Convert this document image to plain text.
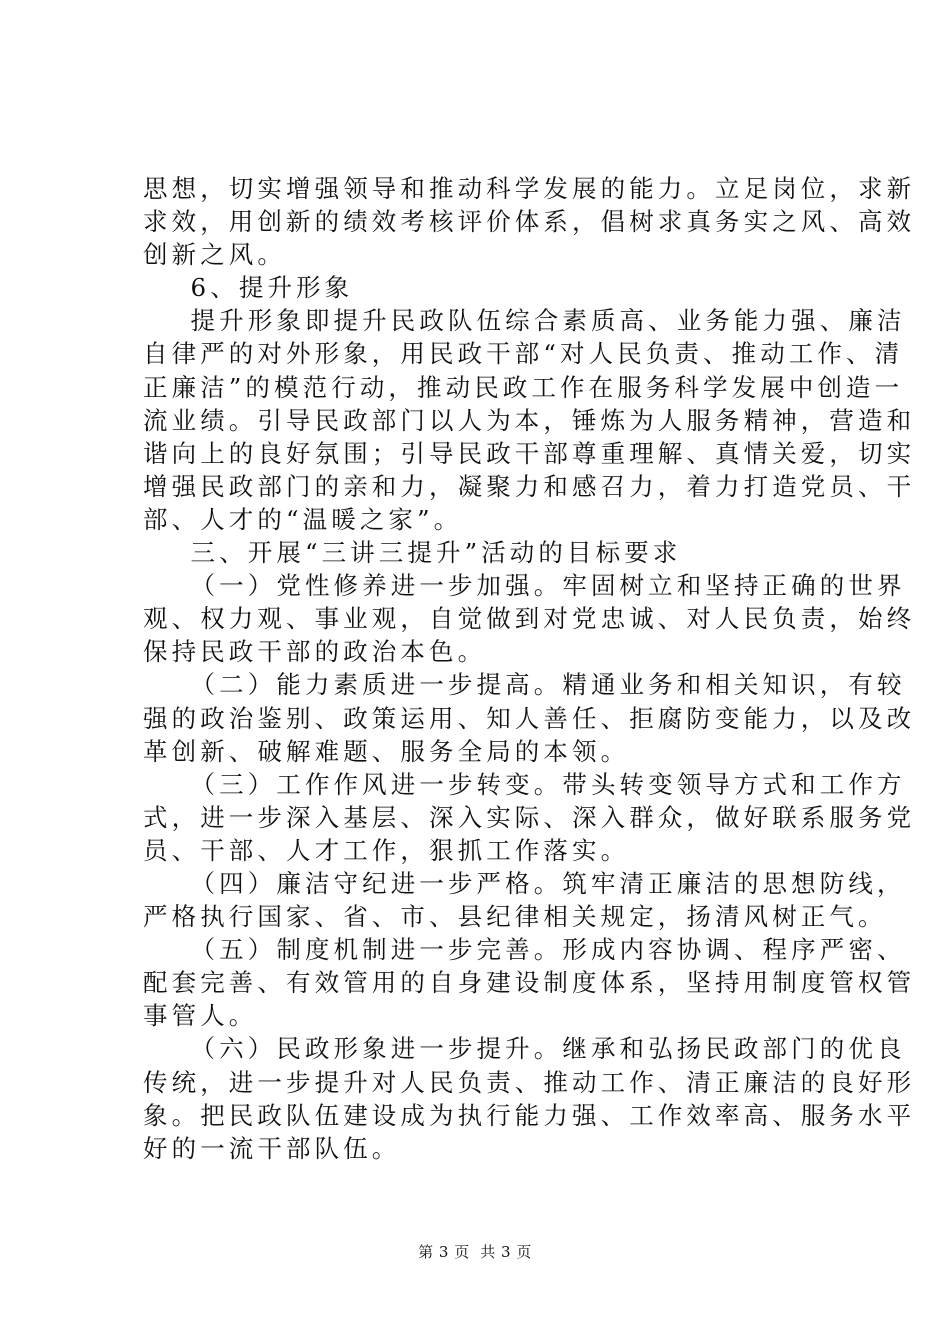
思想，切实增强领导和推动科学发展的能力。立足岗位，求新
求效，用创新的绩效考核评价体系，倡树求真务实之风、高效
创新之风。
6、提升形象
提升形象即提升民政队伍综合素质高、业务能力强、廉洁
自律严的对外形象，用民政干部“对人民负责、推动工作、清
正廉洁”的模范行动，推动民政工作在服务科学发展中创造一
流业绩。引导民政部门以人为本，锤炼为人服务精神，营造和
谐向上的良好氛围；引导民政干部尊重理解、真情关爱，切实
增强民政部门的亲和力，凝聚力和感召力，着力打造党员、干
部、人才的“温暖之家”。
三、开展“三讲三提升”活动的目标要求
（一）党性修养进一步加强。牢固树立和坚持正确的世界
观、权力观、事业观，自觉做到对党忠诚、对人民负责，始终
保持民政干部的政治本色。
（二）能力素质进一步提高。精通业务和相关知识，有较
强的政治鉴别、政策运用、知人善任、拒腐防变能力，以及改
革创新、破解难题、服务全局的本领。
（三）工作作风进一步转变。带头转变领导方式和工作方
式，进一步深入基层、深入实际、深入群众，做好联系服务党
员、干部、人才工作，狠抓工作落实。
（四）廉洁守纪进一步严格。筑牢清正廉洁的思想防线，
严格执行国家、省、市、县纪律相关规定，扬清风树正气。
（五）制度机制进一步完善。形成内容协调、程序严密、
配套完善、有效管用的自身建设制度体系，坚持用制度管权管
事管人。
（六）民政形象进一步提升。继承和弘扬民政部门的优良
传统，进一步提升对人民负责、推动工作、清正廉洁的良好形
象。把民政队伍建设成为执行能力强、工作效率高、服务水平
好的一流干部队伍。
第 3 页  共 3 页
